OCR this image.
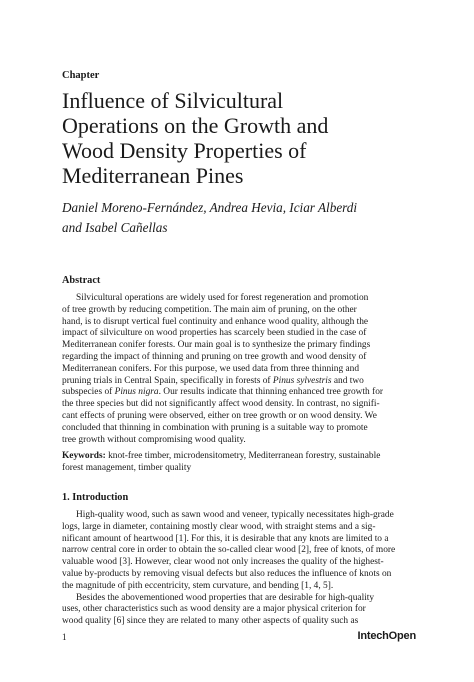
Chapter
Influence of Silvicultural
Operations on the Growth and
Wood Density Properties of
Mediterranean Pines
Daniel Moreno-Fernández, Andrea Hevia, Iciar Alberdi
and Isabel Cañellas
Abstract
Silvicultural operations are widely used for forest regeneration and promotion
of tree growth by reducing competition. The main aim of pruning, on the other
hand, is to disrupt vertical fuel continuity and enhance wood quality, although the
impact of silviculture on wood properties has scarcely been studied in the case of
Mediterranean conifer forests. Our main goal is to synthesize the primary findings
regarding the impact of thinning and pruning on tree growth and wood density of
Mediterranean conifers. For this purpose, we used data from three thinning and
pruning trials in Central Spain, specifically in forests of Pinus sylvestris and two
subspecies of Pinus nigra. Our results indicate that thinning enhanced tree growth for
the three species but did not significantly affect wood density. In contrast, no signifi-
cant effects of pruning were observed, either on tree growth or on wood density. We
concluded that thinning in combination with pruning is a suitable way to promote
tree growth without compromising wood quality.
Keywords: knot-free timber, microdensitometry, Mediterranean forestry, sustainable
forest management, timber quality
1. Introduction
High-quality wood, such as sawn wood and veneer, typically necessitates high-grade
logs, large in diameter, containing mostly clear wood, with straight stems and a sig-
nificant amount of heartwood [1]. For this, it is desirable that any knots are limited to a
narrow central core in order to obtain the so-called clear wood [2], free of knots, of more
valuable wood [3]. However, clear wood not only increases the quality of the highest-
value by-products by removing visual defects but also reduces the influence of knots on
the magnitude of pith eccentricity, stem curvature, and bending [1, 4, 5].
Besides the abovementioned wood properties that are desirable for high-quality
uses, other characteristics such as wood density are a major physical criterion for
wood quality [6] since they are related to many other aspects of quality such as
1	IntechOpen
